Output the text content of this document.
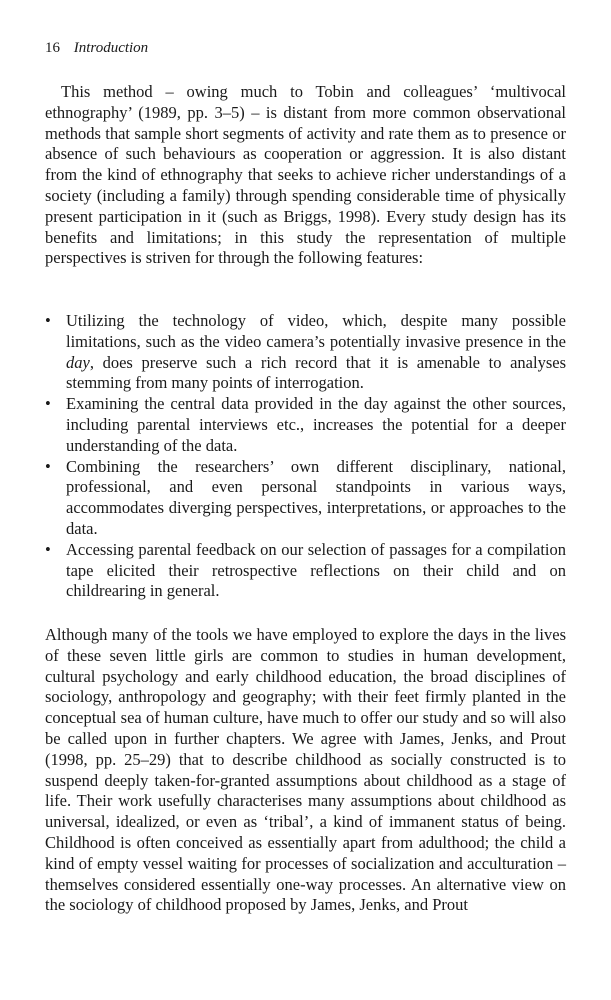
16 Introduction

This method – owing much to Tobin and colleagues’ ‘multivocal ethnography’ (1989, pp. 3–5) – is distant from more common observational methods that sample short segments of activity and rate them as to presence or absence of such behaviours as cooperation or aggression. It is also distant from the kind of ethnography that seeks to achieve richer understandings of a society (including a family) through spending considerable time of physically present participation in it (such as Briggs, 1998). Every study design has its benefits and limitations; in this study the representation of multiple perspectives is striven for through the following features:

• Utilizing the technology of video, which, despite many possible limitations, such as the video camera’s potentially invasive presence in the day, does preserve such a rich record that it is amenable to analyses stemming from many points of interrogation.
• Examining the central data provided in the day against the other sources, including parental interviews etc., increases the potential for a deeper understanding of the data.
• Combining the researchers’ own different disciplinary, national, professional, and even personal standpoints in various ways, accommodates diverging perspectives, interpretations, or approaches to the data.
• Accessing parental feedback on our selection of passages for a compilation tape elicited their retrospective reflections on their child and on childrearing in general.

Although many of the tools we have employed to explore the days in the lives of these seven little girls are common to studies in human development, cultural psychology and early childhood education, the broad disciplines of sociology, anthropology and geography; with their feet firmly planted in the conceptual sea of human culture, have much to offer our study and so will also be called upon in further chapters. We agree with James, Jenks, and Prout (1998, pp. 25–29) that to describe childhood as socially constructed is to suspend deeply taken-for-granted assumptions about childhood as a stage of life. Their work usefully characterises many assumptions about childhood as universal, idealized, or even as ‘tribal’, a kind of immanent status of being. Childhood is often conceived as essentially apart from adulthood; the child a kind of empty vessel waiting for processes of socialization and acculturation – themselves considered essentially one-way processes. An alternative view on the sociology of childhood proposed by James, Jenks, and Prout
